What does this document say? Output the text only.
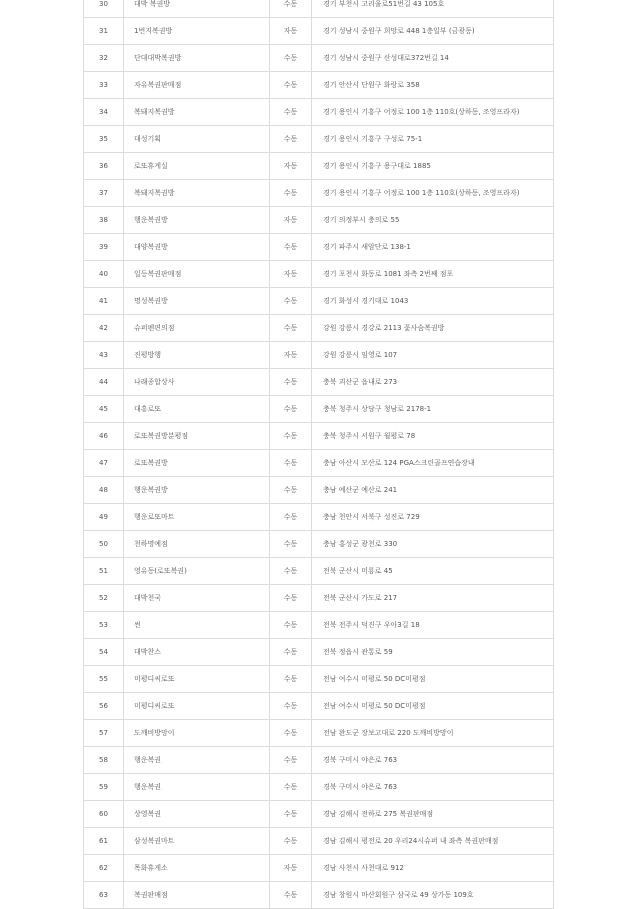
30	대박 복권방	수동	경기 부천시 고리울로51번길 43 105호
31	1번지복권방	자동	경기 성남시 중원구 희망로 448 1층일부 (금광동)
32	단대대박복권방	수동	경기 성남시 중원구 산성대로372번길 14
33	자유복권판매점	수동	경기 안산시 단원구 화랑로 358
34	복돼지복권방	수동	경기 용인시 기흥구 어정로 100 1층 110호(상하동, 조영프라자)
35	대성기획	수동	경기 용인시 기흥구 구성로 75-1
36	로또휴게실	자동	경기 용인시 기흥구 용구대로 1885
37	복돼지복권방	수동	경기 용인시 기흥구 어정로 100 1층 110호(상하동, 조영프라자)
38	행운복권방	자동	경기 의정부시 충의로 55
39	대양복권방	수동	경기 파주시 새암단로 138-1
40	일등복권판매점	자동	경기 포천시 화동로 1081 좌측 2번째 점포
41	명성복권방	수동	경기 화성시 경기대로 1043
42	슈퍼펜편의점	수동	강원 강릉시 경강로 2113 꽃사슴복권방
43	진평방행	자동	강원 강릉시 임영로 107
44	나래종합상사	수동	충북 괴산군 읍내로 273
45	대흥로또	수동	충북 청주시 상당구 청남로 2178-1
46	로또복권방분평점	수동	충북 청주시 서원구 월평로 78
47	로또복권방	수동	충남 아산시 모산로 124 PGA스크린골프연습장내
48	행운복권방	수동	충남 예산군 예산로 241
49	행운로또마트	수동	충남 천안시 서북구 성진로 729
50	천하명예점	수동	충남 홍성군 광천로 330
51	영유동(로또복권)	수동	전북 군산시 미룡로 45
52	대박천국	수동	전북 군산시 가도로 217
53	썬	수동	전북 전주시 덕진구 우아3길 18
54	대박찬스	수동	전북 정읍시 관통로 59
55	미평디씨로또	수동	전남 여수시 미평로 50 DC미평점
56	미평디씨로또	수동	전남 여수시 미평로 50 DC미평점
57	도깨비방망이	수동	전남 완도군 장보고대로 220 도깨비방망이
58	행운복권	수동	경북 구미시 야은로 763
59	행운복권	수동	경북 구미시 야은로 763
60	상영복권	수동	경남 김해시 전하로 275 복권판매점
61	삼성복권마트	수동	경남 김해시 평전로 20 우리24시슈퍼 내 좌측 복권판매점
62	목화휴게소	자동	경남 사천시 사천대로 912
63	복권판매점	수동	경남 창원시 마산회원구 삼국로 49 상가동 109호
